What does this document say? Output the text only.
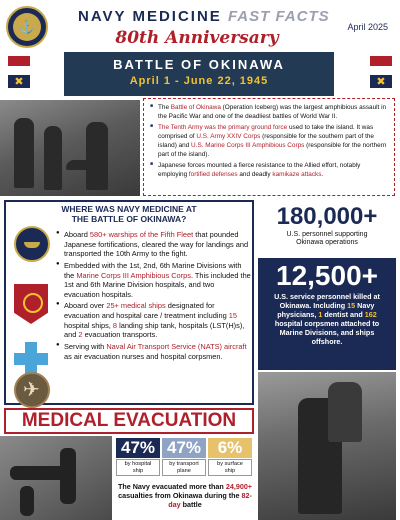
⚓
NAVY MEDICINE FAST FACTS
April 2025
80th Anniversary
✖
BATTLE OF OKINAWA
April 1 - June 22, 1945	✖
■ The Battle of Okinawa (Operation Iceberg) was the largest amphibious assault in the Pacific War and one of the deadliest battles of World War II.
■ The Tenth Army was the primary ground force used to take the island. It was comprised of U.S. Army XXIV Corps (responsible for the southern part of the island) and U.S. Marine Corps III Amphibious Corps (responsible for the northern part of the island).
■ Japanese forces mounted a fierce resistance to the Allied effort, notably employing fortified defenses and deadly kamikaze attacks.
WHERE WAS NAVY MEDICINE AT
THE BATTLE OF OKINAWA?
✈
● Aboard 580+ warships of the Fifth Fleet that pounded Japanese fortifications, cleared the way for landings and transported the 10th Army to the fight.
● Embedded with the 1st, 2nd, 6th Marine Divisions with the Marine Corps III Amphibious Corps. This included the 1st and 6th Marine Division hospitals, and two evacuation hospitals.
● Aboard over 25+ medical ships designated for evacuation and hospital care / treatment including 15 hospital ships, 8 landing ship tank, hospitals (LST(H)s), and 2 evacuation transports.
● Serving with Naval Air Transport Service (NATS) aircraft as air evacuation nurses and hospital corpsmen.
180,000+
U.S. personnel supporting
Okinawa operations
12,500+
U.S. service personnel killed at Okinawa. Including 15 Navy physicians, 1 dentist and 162 hospital corpsmen attached to Marine Divisions, and ships offshore.
MEDICAL EVACUATION
47%
by hospital
ship
47%
by transport
plane
6%
by surface
ship
The Navy evacuated more than 24,900+ casualties from Okinawa during the 82-day battle
